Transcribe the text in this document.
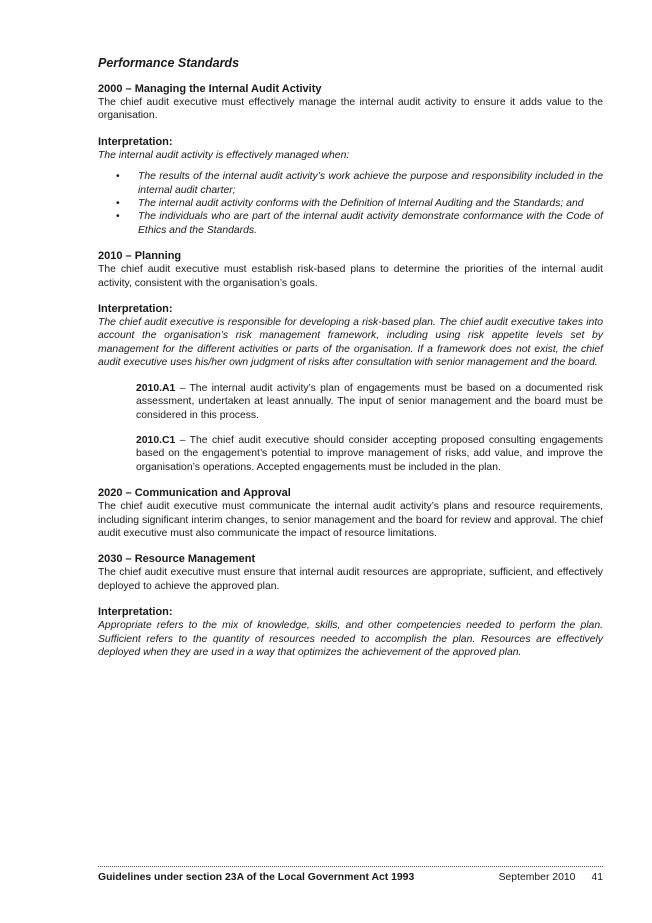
Performance Standards

2000 – Managing the Internal Audit Activity

The chief audit executive must effectively manage the internal audit activity to ensure it adds value to the organisation.

Interpretation:

The internal audit activity is effectively managed when:

• The results of the internal audit activity’s work achieve the purpose and responsibility included in the internal audit charter;
• The internal audit activity conforms with the Definition of Internal Auditing and the Standards; and
• The individuals who are part of the internal audit activity demonstrate conformance with the Code of Ethics and the Standards.

2010 – Planning

The chief audit executive must establish risk-based plans to determine the priorities of the internal audit activity, consistent with the organisation’s goals.

Interpretation:

The chief audit executive is responsible for developing a risk-based plan. The chief audit executive takes into account the organisation’s risk management framework, including using risk appetite levels set by management for the different activities or parts of the organisation. If a framework does not exist, the chief audit executive uses his/her own judgment of risks after consultation with senior management and the board.

2010.A1 – The internal audit activity’s plan of engagements must be based on a documented risk assessment, undertaken at least annually. The input of senior management and the board must be considered in this process.

2010.C1 – The chief audit executive should consider accepting proposed consulting engagements based on the engagement’s potential to improve management of risks, add value, and improve the organisation’s operations. Accepted engagements must be included in the plan.

2020 – Communication and Approval

The chief audit executive must communicate the internal audit activity’s plans and resource requirements, including significant interim changes, to senior management and the board for review and approval. The chief audit executive must also communicate the impact of resource limitations.

2030 – Resource Management

The chief audit executive must ensure that internal audit resources are appropriate, sufficient, and effectively deployed to achieve the approved plan.

Interpretation:

Appropriate refers to the mix of knowledge, skills, and other competencies needed to perform the plan. Sufficient refers to the quantity of resources needed to accomplish the plan. Resources are effectively deployed when they are used in a way that optimizes the achievement of the approved plan.

Guidelines under section 23A of the Local Government Act 1993	September 2010 41
